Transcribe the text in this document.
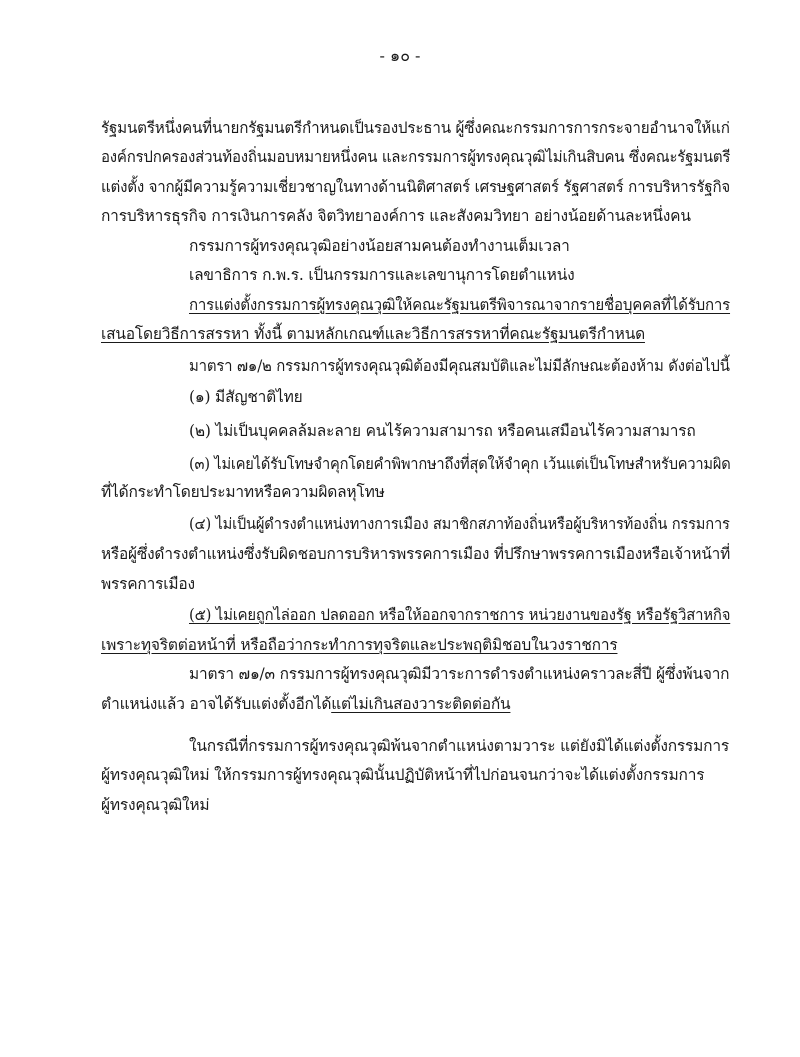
- ๑๐ -
รัฐมนตรีหนึ่งคนที่นายกรัฐมนตรีกำหนดเป็นรองประธาน ผู้ซึ่งคณะกรรมการการกระจายอำนาจให้แก่
องค์กรปกครองส่วนท้องถิ่นมอบหมายหนึ่งคน และกรรมการผู้ทรงคุณวุฒิไม่เกินสิบคน ซึ่งคณะรัฐมนตรี
แต่งตั้ง จากผู้มีความรู้ความเชี่ยวชาญในทางด้านนิติศาสตร์ เศรษฐศาสตร์ รัฐศาสตร์ การบริหารรัฐกิจ
การบริหารธุรกิจ การเงินการคลัง จิตวิทยาองค์การ และสังคมวิทยา อย่างน้อยด้านละหนึ่งคน
กรรมการผู้ทรงคุณวุฒิอย่างน้อยสามคนต้องทำงานเต็มเวลา
เลขาธิการ ก.พ.ร. เป็นกรรมการและเลขานุการโดยตำแหน่ง
การแต่งตั้งกรรมการผู้ทรงคุณวุฒิให้คณะรัฐมนตรีพิจารณาจากรายชื่อบุคคลที่ได้รับการ
เสนอโดยวิธีการสรรหา ทั้งนี้ ตามหลักเกณฑ์และวิธีการสรรหาที่คณะรัฐมนตรีกำหนด
มาตรา ๗๑/๒ กรรมการผู้ทรงคุณวุฒิต้องมีคุณสมบัติและไม่มีลักษณะต้องห้าม ดังต่อไปนี้
(๑) มีสัญชาติไทย
(๒) ไม่เป็นบุคคลล้มละลาย คนไร้ความสามารถ หรือคนเสมือนไร้ความสามารถ
(๓) ไม่เคยได้รับโทษจำคุกโดยคำพิพากษาถึงที่สุดให้จำคุก เว้นแต่เป็นโทษสำหรับความผิด
ที่ได้กระทำโดยประมาทหรือความผิดลหุโทษ
(๔) ไม่เป็นผู้ดำรงตำแหน่งทางการเมือง สมาชิกสภาท้องถิ่นหรือผู้บริหารท้องถิ่น กรรมการ
หรือผู้ซึ่งดำรงตำแหน่งซึ่งรับผิดชอบการบริหารพรรคการเมือง ที่ปรึกษาพรรคการเมืองหรือเจ้าหน้าที่
พรรคการเมือง
(๕) ไม่เคยถูกไล่ออก ปลดออก หรือให้ออกจากราชการ หน่วยงานของรัฐ หรือรัฐวิสาหกิจ
เพราะทุจริตต่อหน้าที่ หรือถือว่ากระทำการทุจริตและประพฤติมิชอบในวงราชการ
มาตรา ๗๑/๓ กรรมการผู้ทรงคุณวุฒิมีวาระการดำรงตำแหน่งคราวละสี่ปี ผู้ซึ่งพ้นจาก
ตำแหน่งแล้ว อาจได้รับแต่งตั้งอีกได้แต่ไม่เกินสองวาระติดต่อกัน
ในกรณีที่กรรมการผู้ทรงคุณวุฒิพ้นจากตำแหน่งตามวาระ แต่ยังมิได้แต่งตั้งกรรมการ
ผู้ทรงคุณวุฒิใหม่ ให้กรรมการผู้ทรงคุณวุฒินั้นปฏิบัติหน้าที่ไปก่อนจนกว่าจะได้แต่งตั้งกรรมการ
ผู้ทรงคุณวุฒิใหม่
